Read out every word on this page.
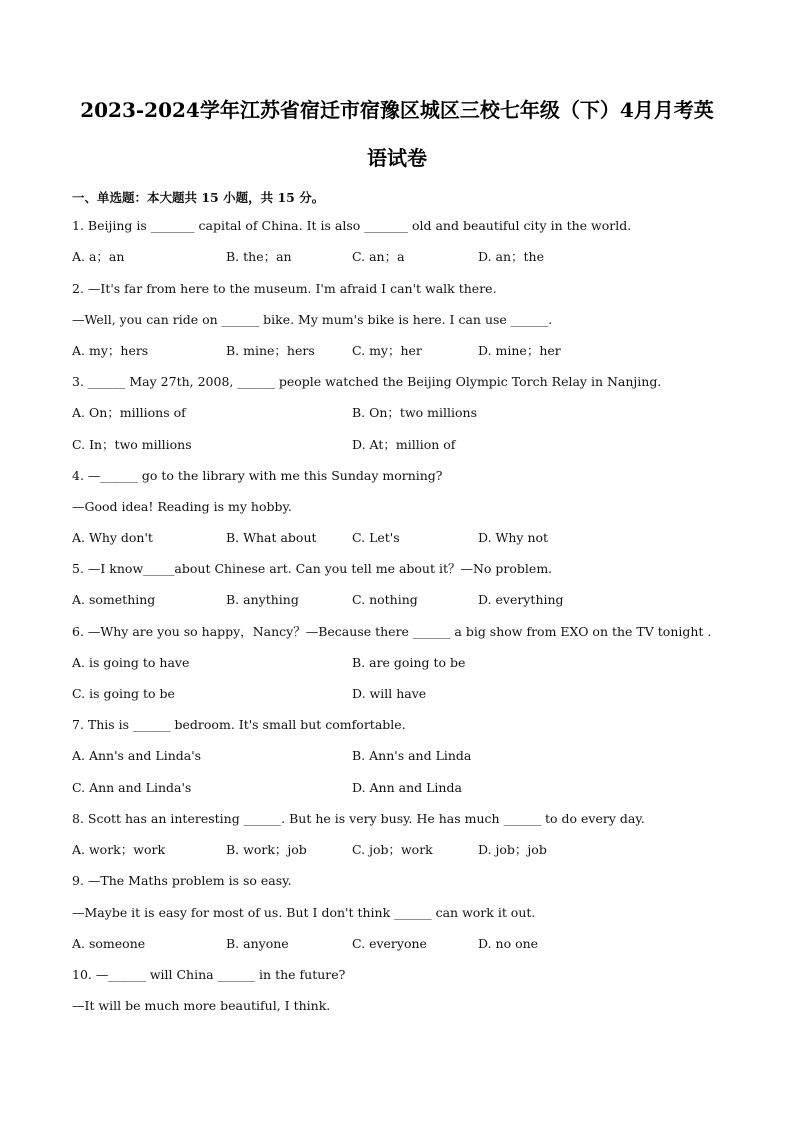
2023-2024学年江苏省宿迁市宿豫区城区三校七年级（下）4月月考英
语试卷
一、单选题：本大题共 15 小题，共 15 分。
1. Beijing is _______ capital of China. It is also _______ old and beautiful city in the world.
A. a；an	B. the；an	C. an；a	D. an；the
2. —It's far from here to the museum. I'm afraid I can't walk there.
—Well, you can ride on ______ bike. My mum's bike is here. I can use ______.
A. my；hers	B. mine；hers	C. my；her	D. mine；her
3. ______ May 27th, 2008, ______ people watched the Beijing Olympic Torch Relay in Nanjing.
A. On；millions of	B. On；two millions
C. In；two millions	D. At；million of
4. —______ go to the library with me this Sunday morning?
—Good idea! Reading is my hobby.
A. Why don't	B. What about	C. Let's	D. Why not
5. —I know_____about Chinese art. Can you tell me about it？—No problem.
A. something	B. anything	C. nothing	D. everything
6. —Why are you so happy，Nancy？—Because there ______ a big show from EXO on the TV tonight .
A. is going to have	B. are going to be
C. is going to be	D. will have
7. This is ______ bedroom. It's small but comfortable.
A. Ann's and Linda's	B. Ann's and Linda
C. Ann and Linda's	D. Ann and Linda
8. Scott has an interesting ______. But he is very busy. He has much ______ to do every day.
A. work；work	B. work；job	C. job；work	D. job；job
9. —The Maths problem is so easy.
—Maybe it is easy for most of us. But I don't think ______ can work it out.
A. someone	B. anyone	C. everyone	D. no one
10. —______ will China ______ in the future?
—It will be much more beautiful, I think.
